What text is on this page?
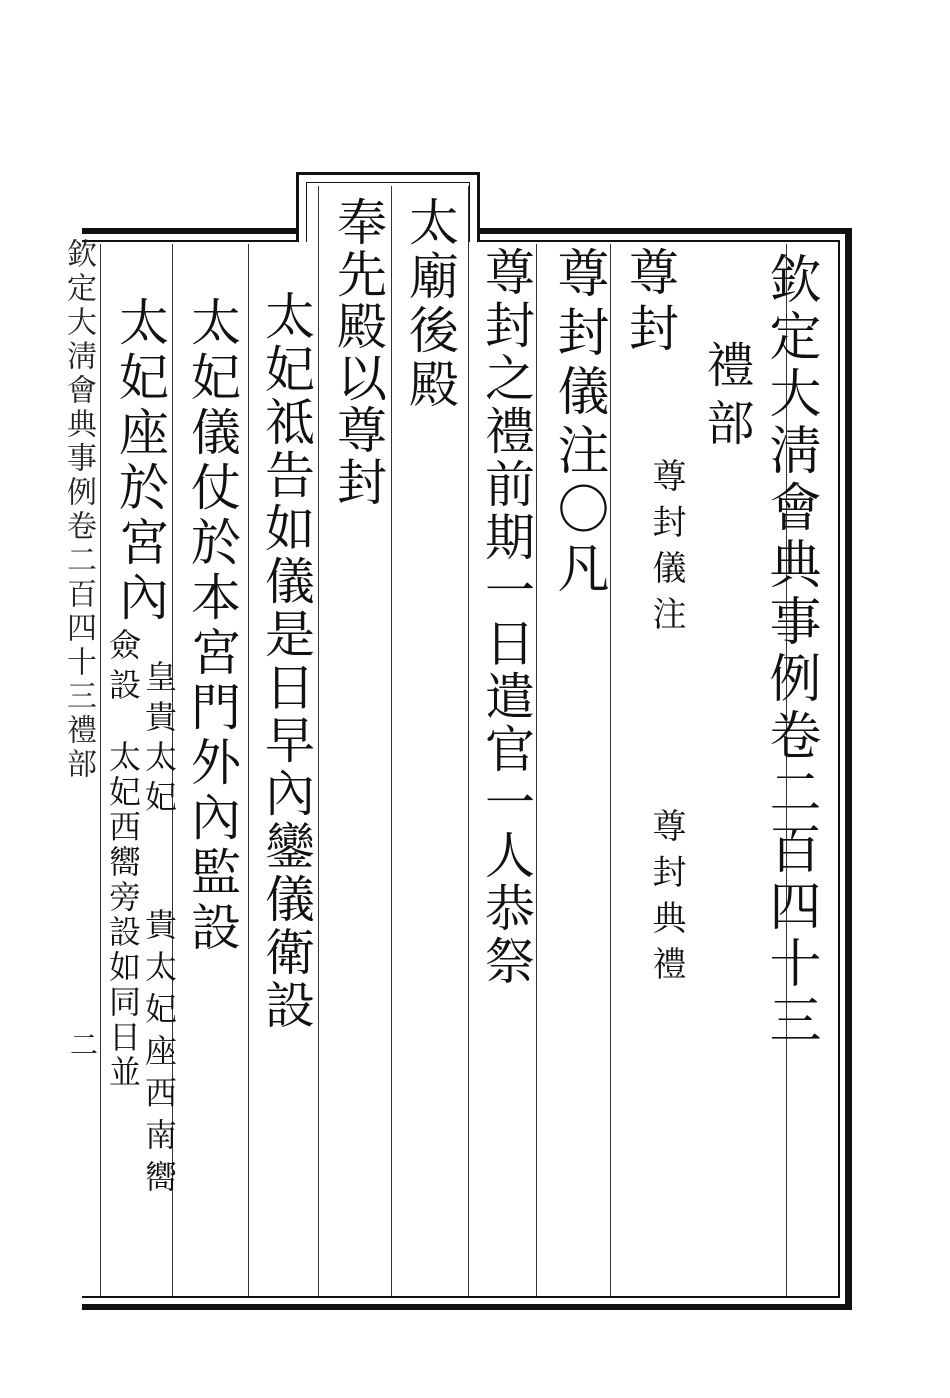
欽定大淸會典事例卷二百四十三
禮部
尊封儀注
尊封典禮
尊封
尊封儀注〇凡
尊封之禮前期一日遣官一人恭祭
太廟後殿
奉先殿以尊封
太妃祗告如儀是日早內鑾儀衛設
太妃儀仗於本宮門外內監設
太妃座於宮內
皇貴太妃
貴太妃座西南嚮
僉設
太妃西嚮旁設如同日並
欽定大淸會典事例卷二百四十三禮部
二
